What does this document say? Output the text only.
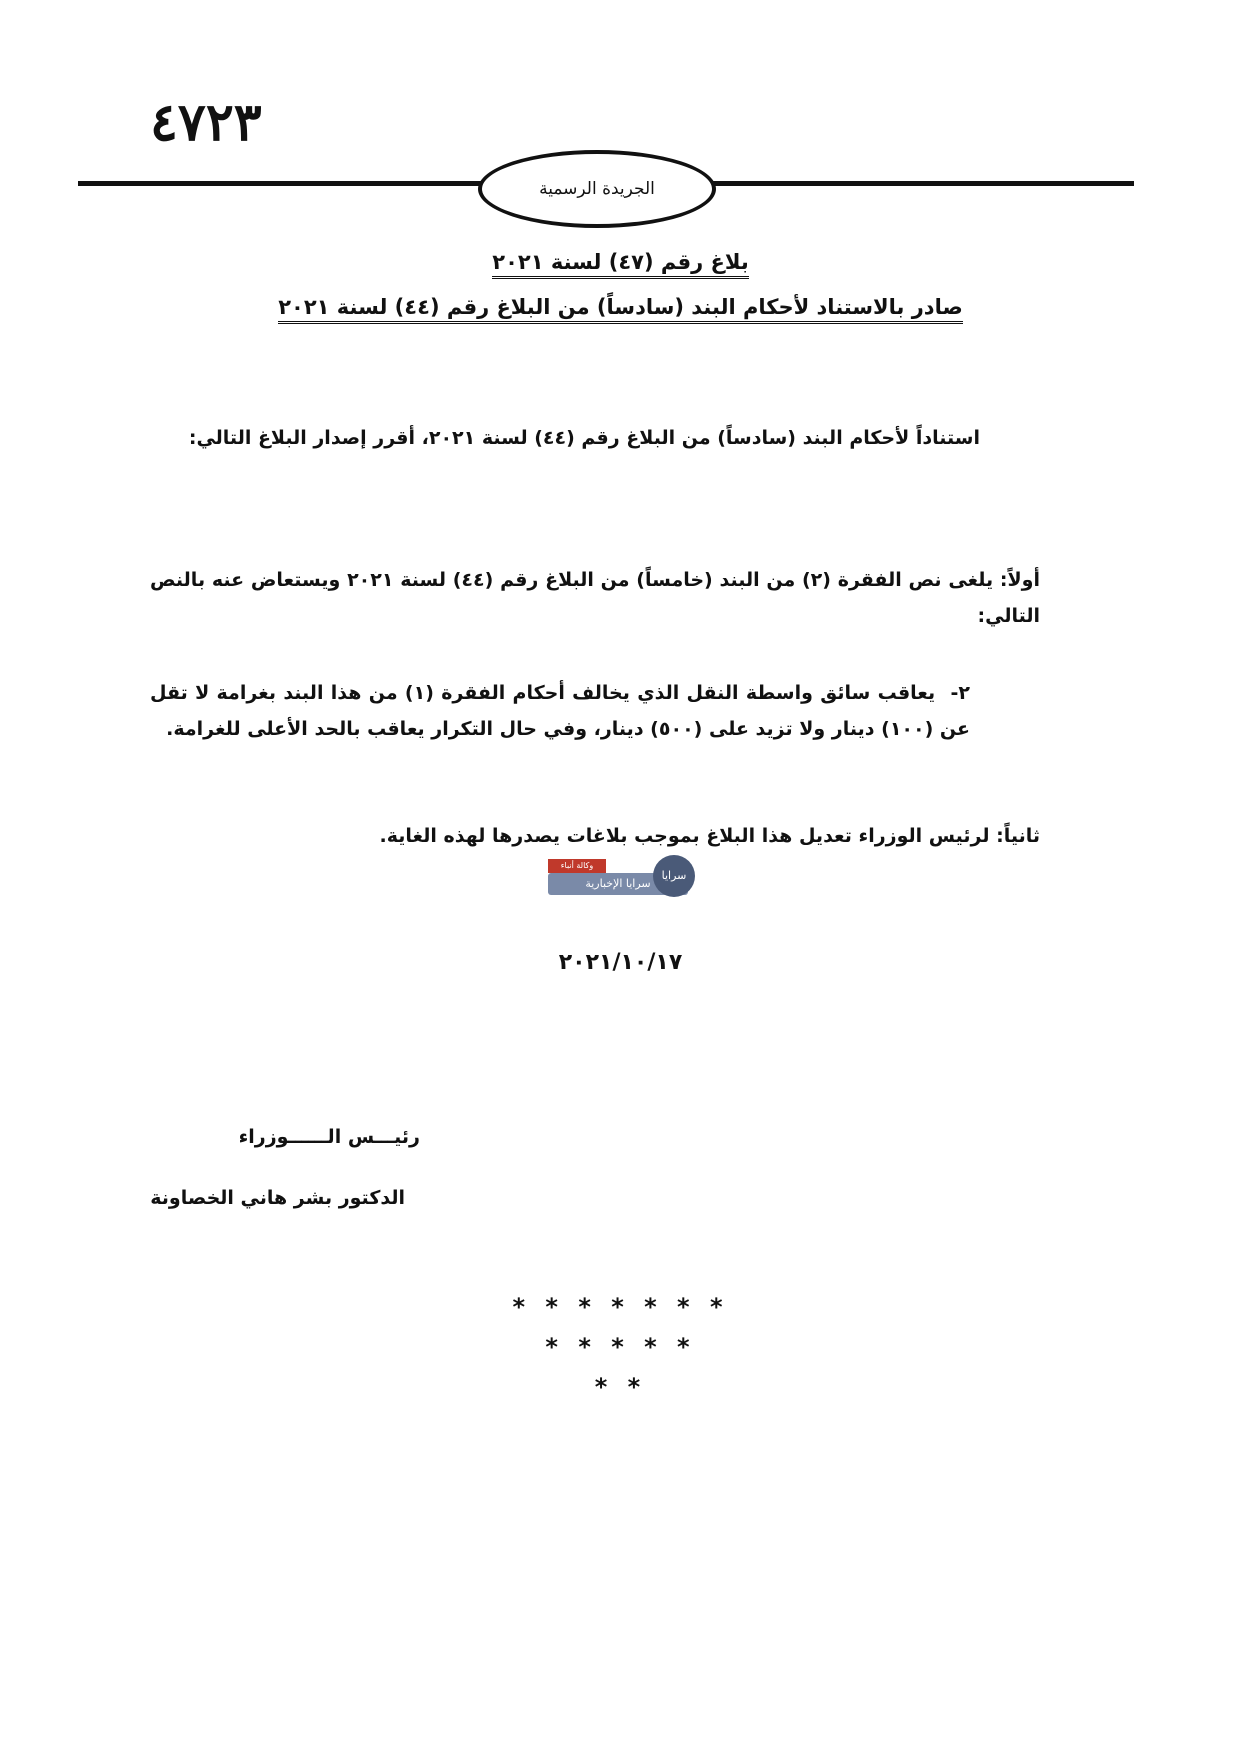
٤٧٢٣
الجريدة الرسمية
بلاغ رقم (٤٧) لسنة ٢٠٢١
صادر بالاستناد لأحكام البند (سادساً) من البلاغ رقم (٤٤) لسنة ٢٠٢١
استناداً لأحكام البند (سادساً) من البلاغ رقم (٤٤) لسنة ٢٠٢١، أقرر إصدار البلاغ التالي:
أولاً: يلغى نص الفقرة (٢) من البند (خامساً) من البلاغ رقم (٤٤) لسنة ٢٠٢١ ويستعاض عنه بالنص التالي:
٢- يعاقب سائق واسطة النقل الذي يخالف أحكام الفقرة (١) من هذا البند بغرامة لا تقل عن (١٠٠) دينار ولا تزيد على (٥٠٠) دينار، وفي حال التكرار يعاقب بالحد الأعلى للغرامة.
ثانياً: لرئيس الوزراء تعديل هذا البلاغ بموجب بلاغات يصدرها لهذه الغاية.
وكالة أنباء
سرايا الإخبارية
سرايا
٢٠٢١/١٠/١٧
رئيـــس الــــــوزراء
الدكتور بشر هاني الخصاونة
* * * * * * *
* * * * *
* *
